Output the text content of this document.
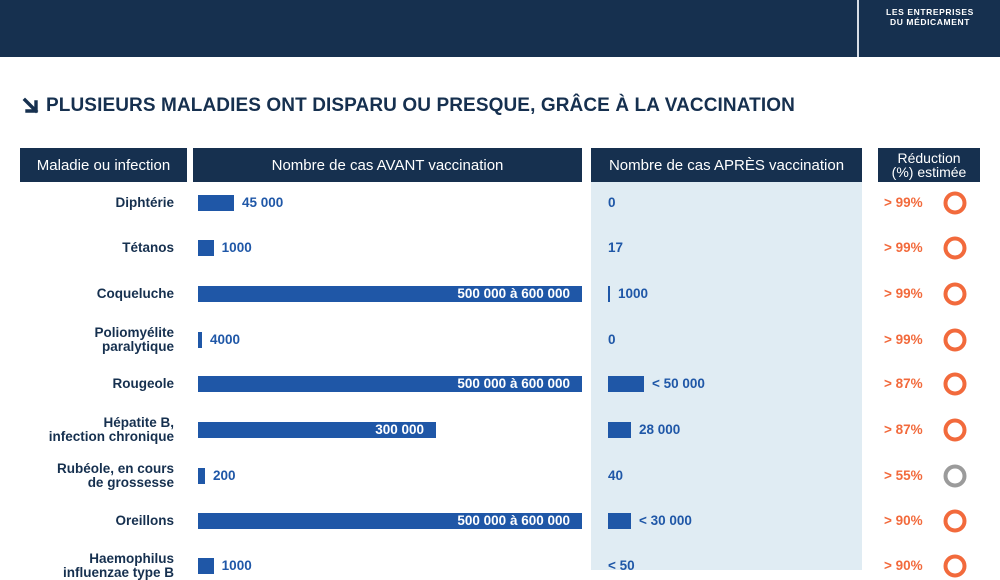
LES ENTREPRISES
DU MÉDICAMENT
PLUSIEURS MALADIES ONT DISPARU OU PRESQUE, GRÂCE À LA VACCINATION
Maladie ou infection	Nombre de cas AVANT vaccination	Nombre de cas APRÈS vaccination	Réduction
(%) estimée
Diphtérie	45 000	0	> 99%
Tétanos	1000	17	> 99%
Coqueluche	500 000 à 600 000	1000	> 99%
Poliomyélite
paralytique	4000	0	> 99%
Rougeole	500 000 à 600 000	< 50 000	> 87%
Hépatite B,
infection chronique	300 000	28 000	> 87%
Rubéole, en cours
de grossesse	200	40	> 55%
Oreillons	500 000 à 600 000	< 30 000	> 90%
Haemophilus
influenzae type B	1000	< 50	> 90%
